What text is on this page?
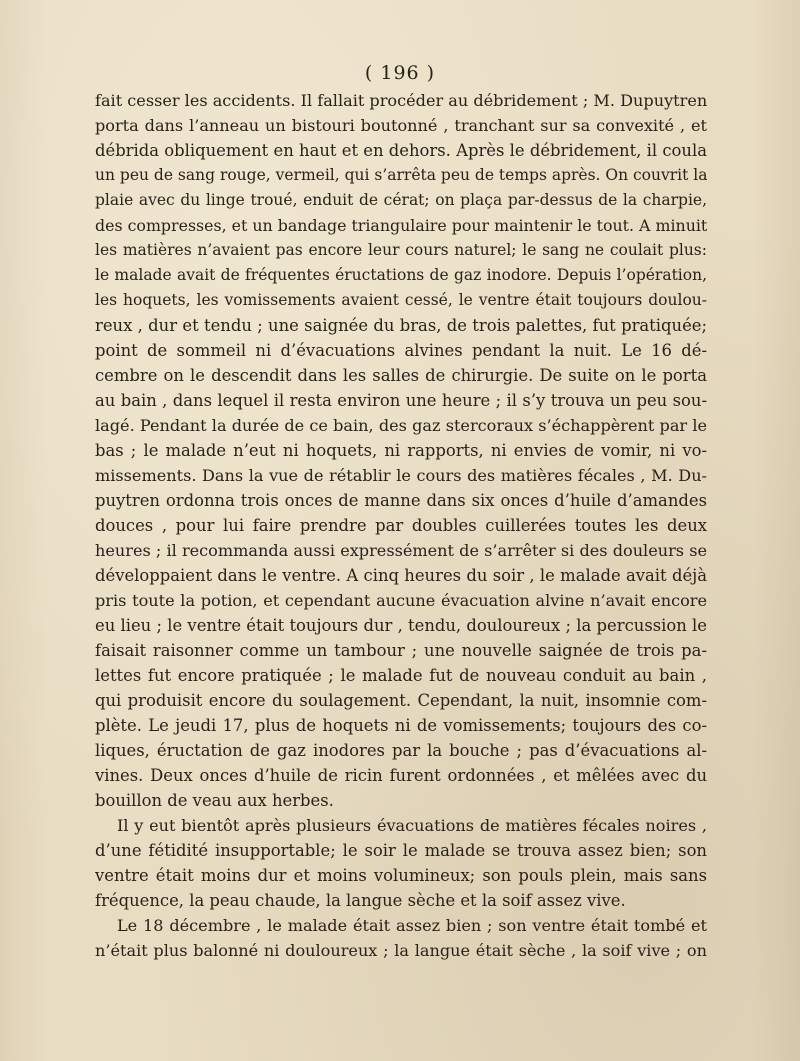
( 196 )
fait cesser les accidents. Il fallait procéder au débridement ; M. Dupuytren
porta dans l’anneau un bistouri boutonné , tranchant sur sa convexité , et
débrida obliquement en haut et en dehors. Après le débridement, il coula
un peu de sang rouge, vermeil, qui s’arrêta peu de temps après. On couvrit la
plaie avec du linge troué, enduit de cérat; on plaça par-dessus de la charpie,
des compresses, et un bandage triangulaire pour maintenir le tout. A minuit
les matières n’avaient pas encore leur cours naturel; le sang ne coulait plus:
le malade avait de fréquentes éructations de gaz inodore. Depuis l’opération,
les hoquets, les vomissements avaient cessé, le ventre était toujours doulou-
reux , dur et tendu ; une saignée du bras, de trois palettes, fut pratiquée;
point de sommeil ni d’évacuations alvines pendant la nuit. Le 16 dé-
cembre on le descendit dans les salles de chirurgie. De suite on le porta
au bain , dans lequel il resta environ une heure ; il s’y trouva un peu sou-
lagé. Pendant la durée de ce bain, des gaz stercoraux s’échappèrent par le
bas ; le malade n’eut ni hoquets, ni rapports, ni envies de vomir, ni vo-
missements. Dans la vue de rétablir le cours des matières fécales , M. Du-
puytren ordonna trois onces de manne dans six onces d’huile d’amandes
douces , pour lui faire prendre par doubles cuillerées toutes les deux
heures ; il recommanda aussi expressément de s’arrêter si des douleurs se
développaient dans le ventre. A cinq heures du soir , le malade avait déjà
pris toute la potion, et cependant aucune évacuation alvine n’avait encore
eu lieu ; le ventre était toujours dur , tendu, douloureux ; la percussion le
faisait raisonner comme un tambour ; une nouvelle saignée de trois pa-
lettes fut encore pratiquée ; le malade fut de nouveau conduit au bain ,
qui produisit encore du soulagement. Cependant, la nuit, insomnie com-
plète. Le jeudi 17, plus de hoquets ni de vomissements; toujours des co-
liques, éructation de gaz inodores par la bouche ; pas d’évacuations al-
vines. Deux onces d’huile de ricin furent ordonnées , et mêlées avec du
bouillon de veau aux herbes.
Il y eut bientôt après plusieurs évacuations de matières fécales noires ,
d’une fétidité insupportable; le soir le malade se trouva assez bien; son
ventre était moins dur et moins volumineux; son pouls plein, mais sans
fréquence, la peau chaude, la langue sèche et la soif assez vive.
Le 18 décembre , le malade était assez bien ; son ventre était tombé et
n’était plus balonné ni douloureux ; la langue était sèche , la soif vive ; on
